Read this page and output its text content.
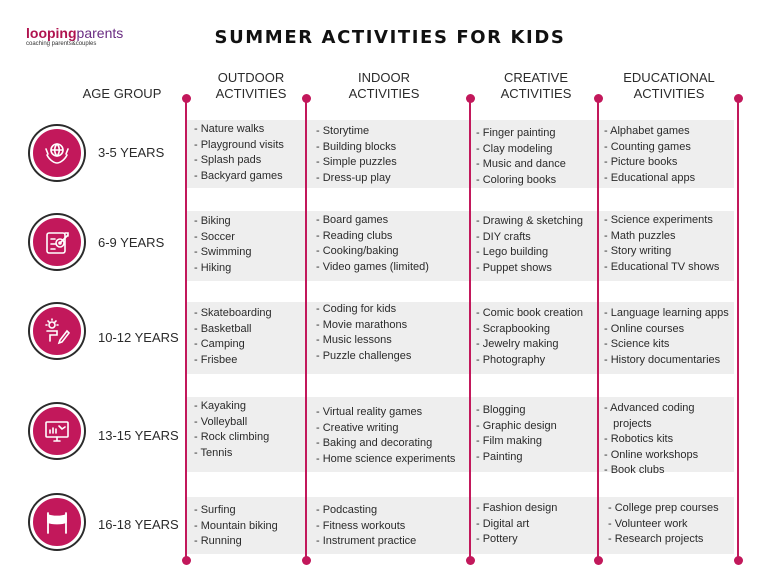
loopingparents
coaching parents&couples	SUMMER ACTIVITIES FOR KIDS
AGE GROUP
OUTDOOR
ACTIVITIES
INDOOR
ACTIVITIES
CREATIVE
ACTIVITIES
EDUCATIONAL
ACTIVITIES
3-5 YEARS
6-9 YEARS
10-12 YEARS
13-15 YEARS
16-18 YEARS
- Nature walks
- Playground visits
- Splash pads
- Backyard games
- Storytime
- Building blocks
- Simple puzzles
- Dress-up play
- Finger painting
- Clay modeling
- Music and dance
- Coloring books
- Alphabet games
- Counting games
- Picture books
- Educational apps
- Biking
- Soccer
- Swimming
- Hiking
- Board games
- Reading clubs
- Cooking/baking
- Video games (limited)
- Drawing & sketching
- DIY crafts
- Lego building
- Puppet shows
- Science experiments
- Math puzzles
- Story writing
- Educational TV shows
- Skateboarding
- Basketball
- Camping
- Frisbee
- Coding for kids
- Movie marathons
- Music lessons
- Puzzle challenges
- Comic book creation
- Scrapbooking
- Jewelry making
- Photography
- Language learning apps
- Online courses
- Science kits
- History documentaries
- Kayaking
- Volleyball
- Rock climbing
- Tennis
- Virtual reality games
- Creative writing
- Baking and decorating
- Home science experiments
- Blogging
- Graphic design
- Film making
- Painting
- Advanced coding
projects
- Robotics kits
- Online workshops
- Book clubs
- Surfing
- Mountain biking
- Running
- Podcasting
- Fitness workouts
- Instrument practice
- Fashion design
- Digital art
- Pottery
- College prep courses
- Volunteer work
- Research projects
